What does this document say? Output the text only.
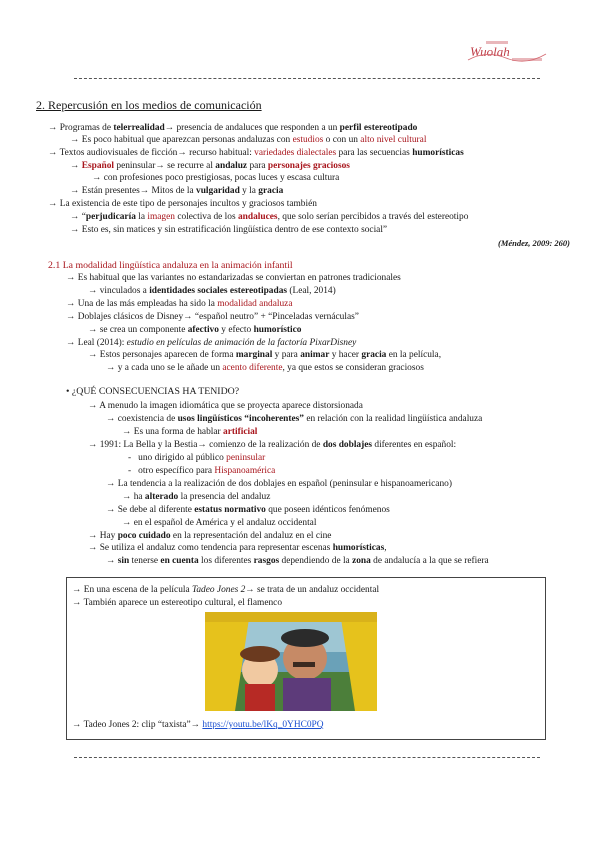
Wuolah
2. Repercusión en los medios de comunicación
→ Programas de telerrealidad→ presencia de andaluces que responden a un perfil estereotipado
→ Es poco habitual que aparezcan personas andaluzas con estudios o con un alto nivel cultural
→ Textos audiovisuales de ficción→ recurso habitual: variedades dialectales para las secuencias humorísticas
→ Español peninsular→ se recurre al andaluz para personajes graciosos
→ con profesiones poco prestigiosas, pocas luces y escasa cultura
→ Están presentes→ Mitos de la vulgaridad y la gracia
→ La existencia de este tipo de personajes incultos y graciosos también
→ “perjudicaría la imagen colectiva de los andaluces, que solo serían percibidos a través del estereotipo
→ Esto es, sin matices y sin estratificación lingüística dentro de ese contexto social”
(Méndez, 2009: 260)
2.1 La modalidad lingüística andaluza en la animación infantil
→ Es habitual que las variantes no estandarizadas se conviertan en patrones tradicionales
→ vinculados a identidades sociales estereotipadas (Leal, 2014)
→ Una de las más empleadas ha sido la modalidad andaluza
→ Doblajes clásicos de Disney→ “español neutro” + “Pinceladas vernáculas”
→ se crea un componente afectivo y efecto humorístico
→ Leal (2014): estudio en películas de animación de la factoría PixarDisney
→ Estos personajes aparecen de forma marginal y para animar y hacer gracia en la película,
→ y a cada uno se le añade un acento diferente, ya que estos se consideran graciosos
• ¿QUÉ CONSECUENCIAS HA TENIDO?
→ A menudo la imagen idiomática que se proyecta aparece distorsionada
→ coexistencia de usos lingüísticos “incoherentes” en relación con la realidad lingüística andaluza
→ Es una forma de hablar artificial
→ 1991: La Bella y la Bestia→ comienzo de la realización de dos doblajes diferentes en español:
-   uno dirigido al público peninsular
-   otro específico para Hispanoamérica
→ La tendencia a la realización de dos doblajes en español (peninsular e hispanoamericano)
→ ha alterado la presencia del andaluz
→ Se debe al diferente estatus normativo que poseen idénticos fenómenos
→ en el español de América y el andaluz occidental
→ Hay poco cuidado en la representación del andaluz en el cine
→ Se utiliza el andaluz como tendencia para representar escenas humorísticas,
→ sin tenerse en cuenta los diferentes rasgos dependiendo de la zona de andalucía a la que se refiera
→ En una escena de la película Tadeo Jones 2→ se trata de un andaluz occidental
→ También aparece un estereotipo cultural, el flamenco
→ Tadeo Jones 2: clip “taxista”→ https://youtu.be/lKq_0YHC0PQ
